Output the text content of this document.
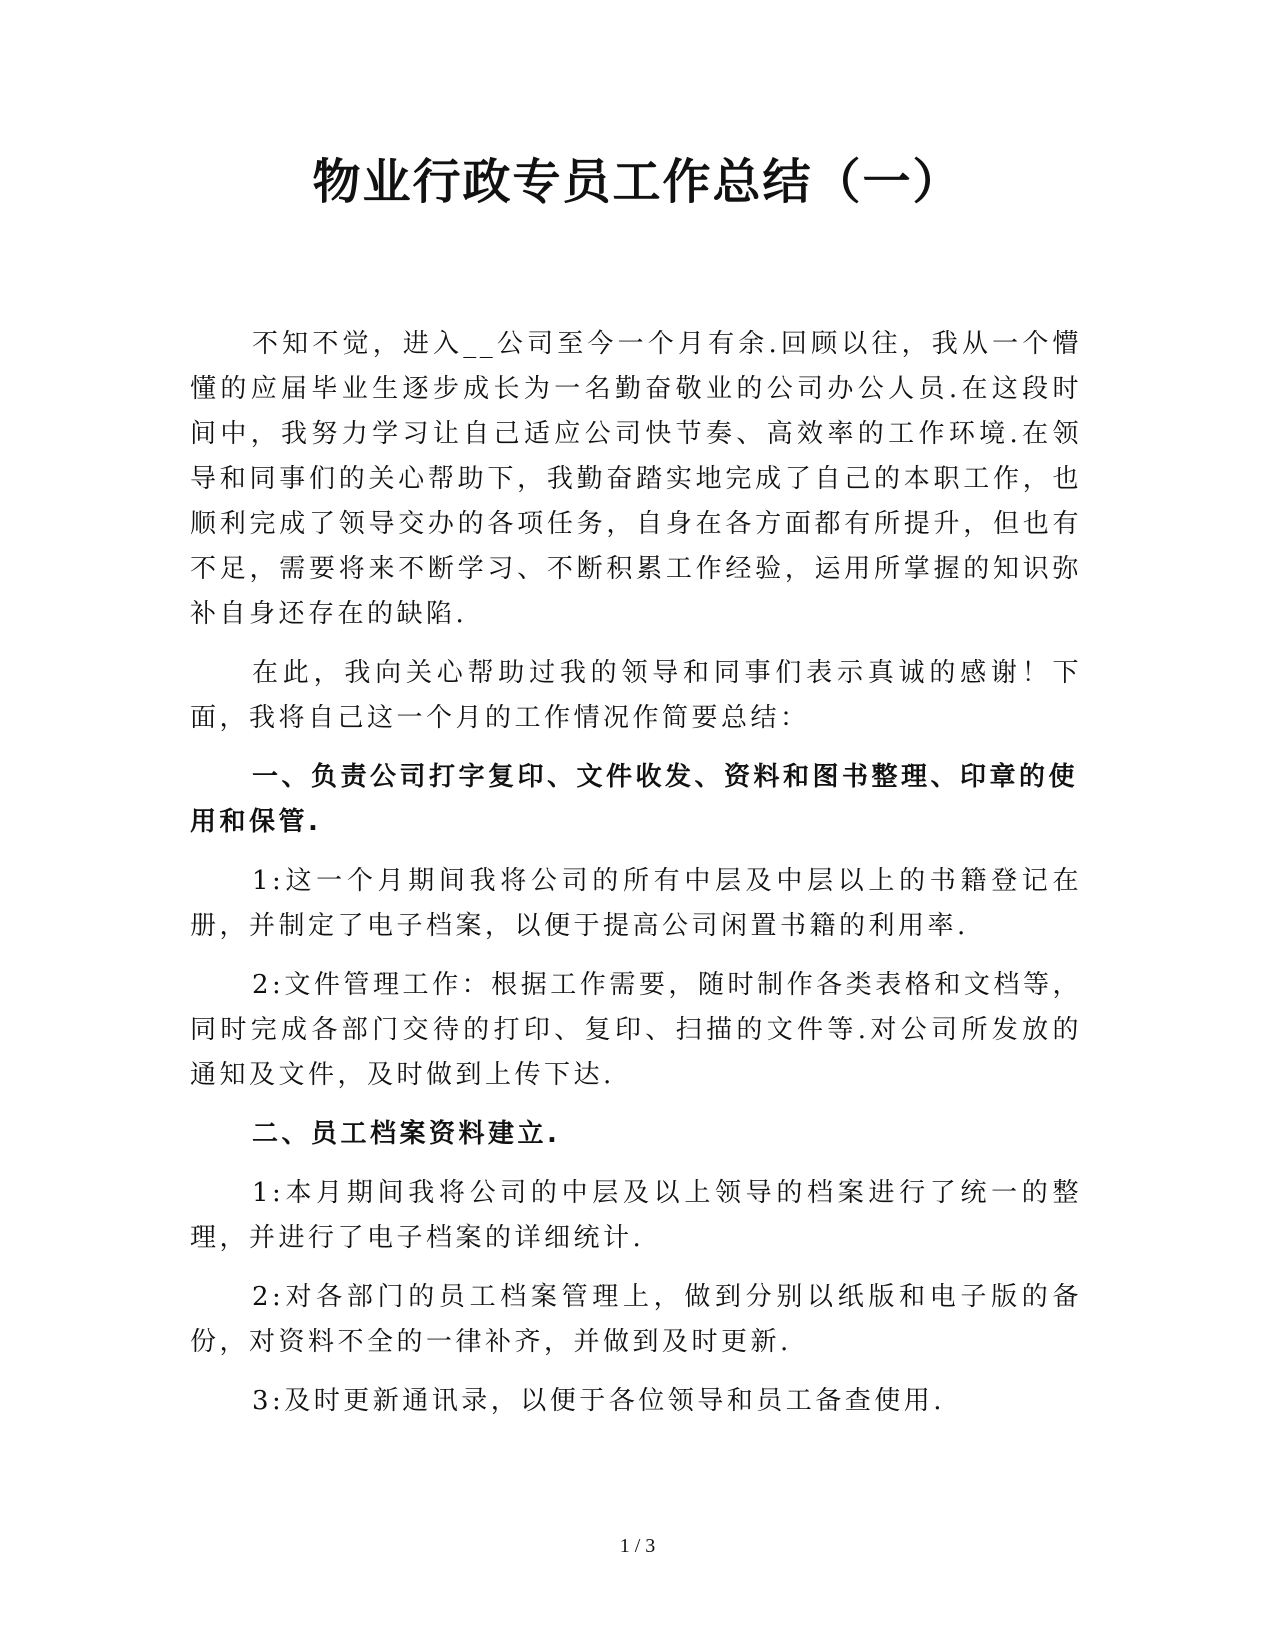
物业行政专员工作总结（一）

不知不觉，进入__公司至今一个月有余.回顾以往，我从一个懵懂的应届毕业生逐步成长为一名勤奋敬业的公司办公人员.在这段时间中，我努力学习让自己适应公司快节奏、高效率的工作环境.在领导和同事们的关心帮助下，我勤奋踏实地完成了自己的本职工作，也顺利完成了领导交办的各项任务，自身在各方面都有所提升，但也有不足，需要将来不断学习、不断积累工作经验，运用所掌握的知识弥补自身还存在的缺陷.

在此，我向关心帮助过我的领导和同事们表示真诚的感谢！下面，我将自己这一个月的工作情况作简要总结：

一、负责公司打字复印、文件收发、资料和图书整理、印章的使用和保管.

1:这一个月期间我将公司的所有中层及中层以上的书籍登记在册，并制定了电子档案，以便于提高公司闲置书籍的利用率.

2:文件管理工作：根据工作需要，随时制作各类表格和文档等，同时完成各部门交待的打印、复印、扫描的文件等.对公司所发放的通知及文件，及时做到上传下达.

二、员工档案资料建立.

1:本月期间我将公司的中层及以上领导的档案进行了统一的整理，并进行了电子档案的详细统计.

2:对各部门的员工档案管理上，做到分别以纸版和电子版的备份，对资料不全的一律补齐，并做到及时更新.

3:及时更新通讯录，以便于各位领导和员工备查使用.

1 / 3
